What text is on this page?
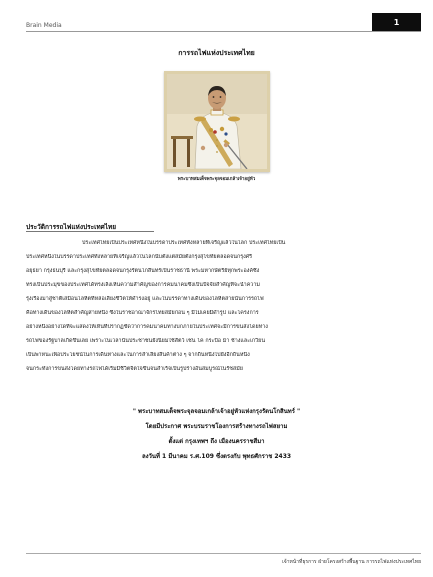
Brain Media	1
การรถไฟแห่งประเทศไทย
พระบาทสมเด็จพระจุลจอมเกล้าเจ้าอยู่หัว
ประวัติการรถไฟแห่งประเทศไทย
ประเทศไทยเป็นประเทศหนึ่งในบรรดาประเทศทั้งหลายที่เจริญแล้วในโลก ประเทศไทยเป็น
ประเทศหนึ่งในบรรดาประเทศทั้งหลายที่เจริญแล้วในโลกนับตั้งแต่สมัยตั้งกรุงสุโขทัยตลอดจนกรุงศรี
อยุธยา กรุงธนบุรี และกรุงสุโขทัยตลอดจนกรุงรัตนโกสินทร์เป็นราชธานี พระมหากษัตริย์ทุกพระองค์ซึ่ง
ทรงเป็นประมุขของประเทศได้ทรงเล็งเห็นความสำคัญของการคมนาคมซึ่งเป็นปัจจัยสำคัญที่จะนำความ
รุ่งเรืองมาสู่ชาติเสมือนโลหิตที่หล่อเลี้ยงชีวิตให้ดำรงอยู่ และในบรรดาทางเดินของโลหิตสายนั้นการรถไฟ
คือทางเดินของโลหิตสำคัญสายหนึ่ง ซึ่งในราชอาณาจักรไทยสมัยก่อน ๆ มีไม่เคยมีด้ำรูป และโครงการ
อย่างหนึ่งอย่างใดที่จะแสดงให้เห็นที่ปรากฏชัดว่าการคมนาคมทางบกภายในประเทศจะมีการขนส่งโดยทาง
รถไฟของรัฐบาลเกิดขึ้นเลย เพราะในเวลานั้นประชาชนยังนิยมใช้สัตว์ เช่น โค กระบือ ม้า ช้างและเกวียน
เป็นพาหนะเพื่อประโยชน์ในการเดินทางและในการลำเลียงสินค้าต่าง ๆ จากถิ่นหนึ่งไปยังอีกถิ่นหนึ่ง
จนกระทั่งการขนส่งโดยทางรถไฟได้เริ่มมีชีวิตจิตใจขึ้นจนสำเร็จเป็นรูปร่างอันสมบูรณ์ในรัชสมัย
" พระบาทสมเด็จพระจุลจอมเกล้าเจ้าอยู่หัวแห่งกรุงรัตนโกสินทร์ "
โดยมีประกาศ พระบรมราชโองการสร้างทางรถไฟสยาม
ตั้งแต่ กรุงเทพฯ ถึง เมืองนครราชสีมา
ลงวันที่ 1 มีนาคม ร.ศ.109 ซึ่งตรงกับ พุทธศักราช 2433
เจ้าหน้าที่ธุรการ ฝ่ายโครงสร้างพื้นฐาน การรถไฟแห่งประเทศไทย
